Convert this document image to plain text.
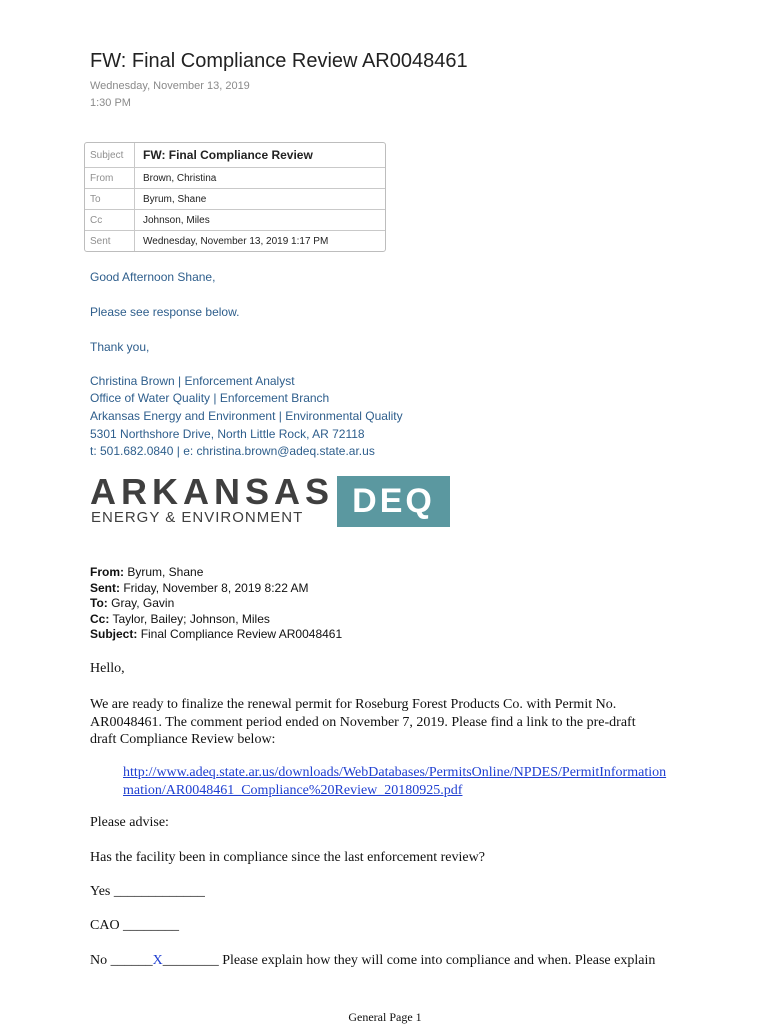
FW: Final Compliance Review AR0048461
Wednesday, November 13, 2019
1:30 PM
Subject	FW: Final Compliance Review
From	Brown, Christina
To	Byrum, Shane
Cc	Johnson, Miles
Sent	Wednesday, November 13, 2019 1:17 PM
Good Afternoon Shane,
Please see response below.
Thank you,
Christina Brown | Enforcement Analyst
Office of Water Quality | Enforcement Branch
Arkansas Energy and Environment | Environmental Quality
5301 Northshore Drive, North Little Rock, AR 72118
t: 501.682.0840 | e: christina.brown@adeq.state.ar.us
ARKANSAS
ENERGY & ENVIRONMENT	DEQ
From: Byrum, Shane
Sent: Friday, November 8, 2019 8:22 AM
To: Gray, Gavin
Cc: Taylor, Bailey; Johnson, Miles
Subject: Final Compliance Review AR0048461
Hello,
We are ready to finalize the renewal permit for Roseburg Forest Products Co. with Permit No.
AR0048461. The comment period ended on November 7, 2019. Please find a link to the pre-draft
draft Compliance Review below:
http://www.adeq.state.ar.us/downloads/WebDatabases/PermitsOnline/NPDES/PermitInformation
mation/AR0048461_Compliance%20Review_20180925.pdf
Please advise:
Has the facility been in compliance since the last enforcement review?
Yes _____________
CAO ________
No ______X________ Please explain how they will come into compliance and when. Please explain
General Page 1
